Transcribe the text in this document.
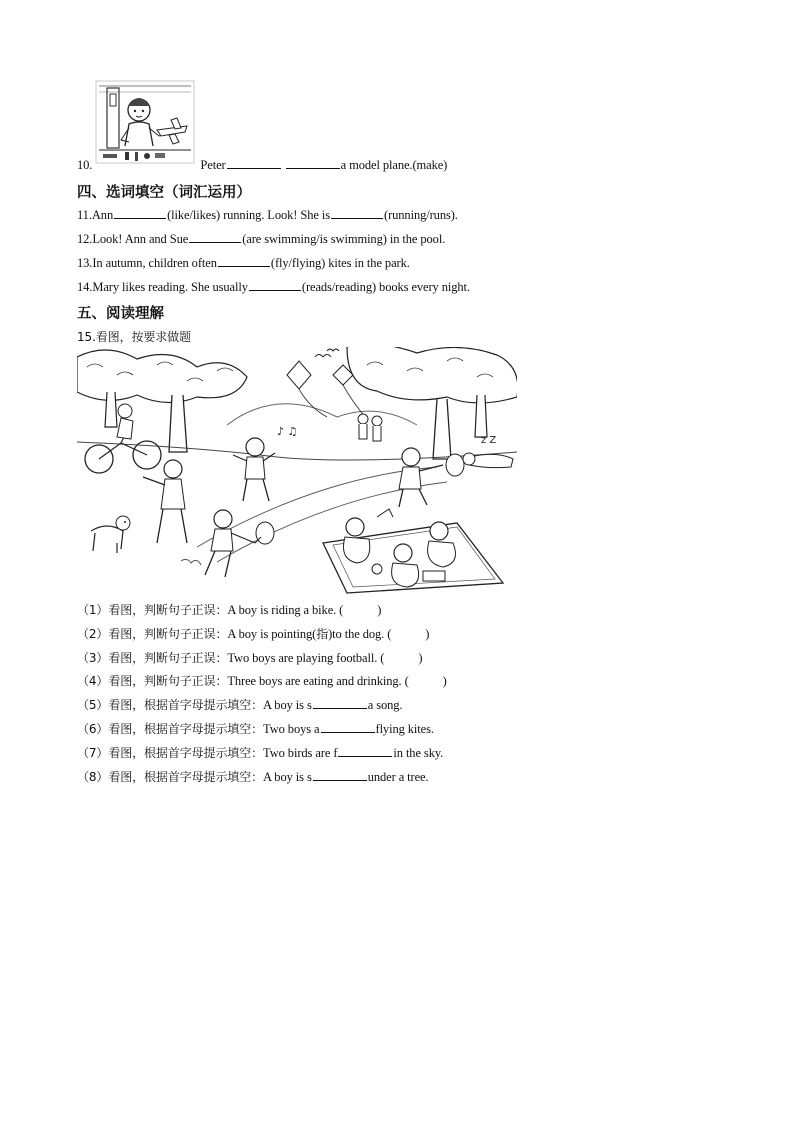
10.	Peter	a model plane.(make)
四、选词填空（词汇运用）
11.Ann	(like/likes) running. Look! She is	(running/runs).
12.Look! Ann and Sue	(are swimming/is swimming) in the pool.
13.In autumn, children often	(fly/flying) kites in the park.
14.Mary likes reading. She usually	(reads/reading) books every night.
五、阅读理解
15.看图，按要求做题
♪ ♫
z Z
（1）看图，判断句子正误：A boy is riding a bike. (	)
（2）看图，判断句子正误：A boy is pointing(指)to the dog. (	)
（3）看图，判断句子正误：Two boys are playing football. (	)
（4）看图，判断句子正误：Three boys are eating and drinking. (	)
（5）看图，根据首字母提示填空：A boy is s	a song.
（6）看图，根据首字母提示填空：Two boys a	flying kites.
（7）看图，根据首字母提示填空：Two birds are f	in the sky.
（8）看图，根据首字母提示填空：A boy is s	under a tree.
